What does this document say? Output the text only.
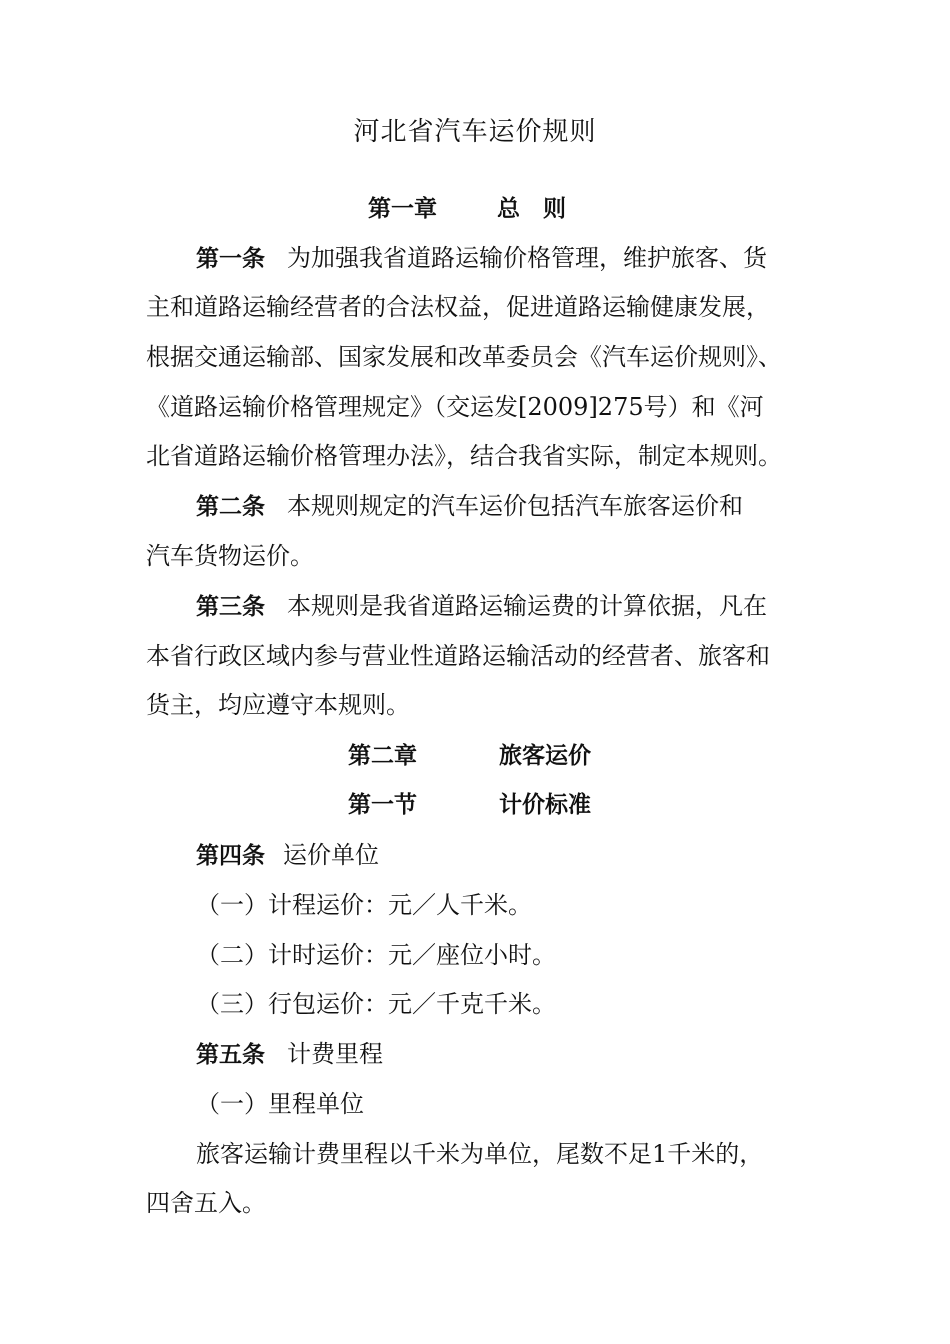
河北省汽车运价规则
第一章	总　则
第一条 为加强我省道路运输价格管理，维护旅客、货
主和道路运输经营者的合法权益，促进道路运输健康发展，
根据交通运输部、国家发展和改革委员会《汽车运价规则》、
《道路运输价格管理规定》（交运发[2009]275号）和《河
北省道路运输价格管理办法》，结合我省实际，制定本规则。
第二条 本规则规定的汽车运价包括汽车旅客运价和
汽车货物运价。
第三条 本规则是我省道路运输运费的计算依据，凡在
本省行政区域内参与营业性道路运输活动的经营者、旅客和
货主，均应遵守本规则。
第二章	旅客运价
第一节	计价标准
第四条 运价单位
（一）计程运价：元／人千米。
（二）计时运价：元／座位小时。
（三）行包运价：元／千克千米。
第五条 计费里程
（一）里程单位
旅客运输计费里程以千米为单位，尾数不足1千米的，
四舍五入。
